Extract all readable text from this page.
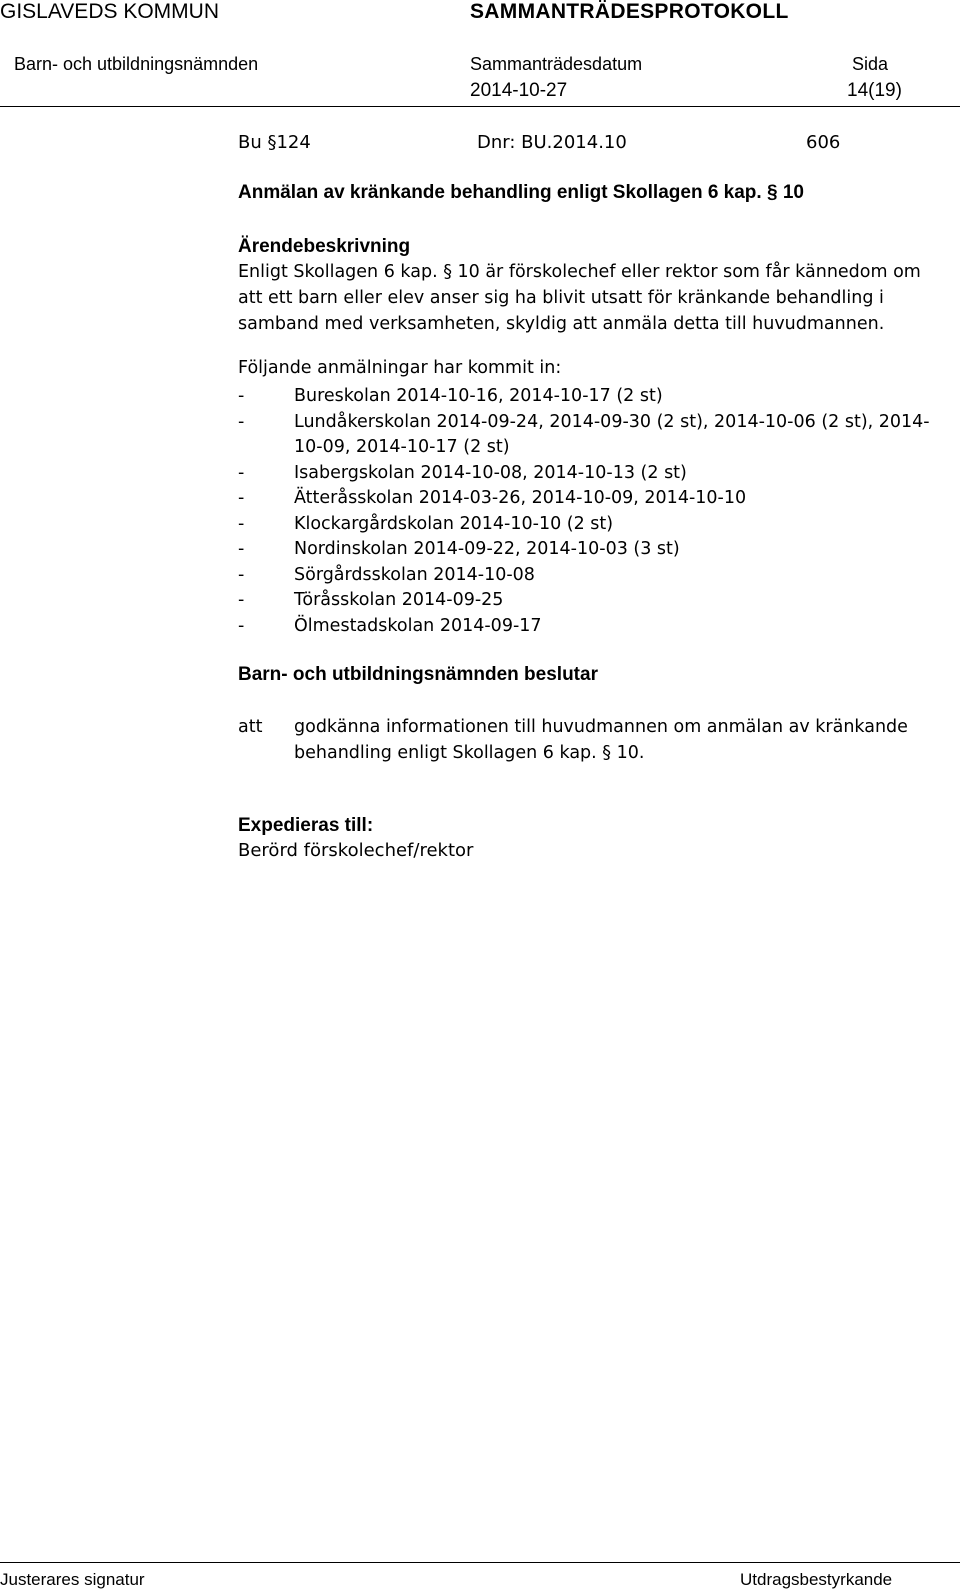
GISLAVEDS KOMMUN	SAMMANTRÄDESPROTOKOLL
Barn- och utbildningsnämnden	Sammanträdesdatum	Sida
2014-10-27	14(19)
Bu §124	Dnr: BU.2014.10	606
Anmälan av kränkande behandling enligt Skollagen 6 kap. § 10
Ärendebeskrivning

Enligt Skollagen 6 kap. § 10 är förskolechef eller rektor som får kännedom om

att ett barn eller elev anser sig ha blivit utsatt för kränkande behandling i

samband med verksamheten, skyldig att anmäla detta till huvudmannen.

Följande anmälningar har kommit in:
-	Bureskolan 2014-10-16, 2014-10-17 (2 st)
-	Lundåkerskolan 2014-09-24, 2014-09-30 (2 st), 2014-10-06 (2 st), 2014-10-09, 2014-10-17 (2 st)
-	Isabergskolan 2014-10-08, 2014-10-13 (2 st)
-	Ätteråsskolan 2014-03-26, 2014-10-09, 2014-10-10
-	Klockargårdskolan 2014-10-10 (2 st)
-	Nordinskolan 2014-09-22, 2014-10-03 (3 st)
-	Sörgårdsskolan 2014-10-08
-	Töråsskolan 2014-09-25
-	Ölmestadskolan 2014-09-17
Barn- och utbildningsnämnden beslutar
att godkänna informationen till huvudmannen om anmälan av kränkande behandling enligt Skollagen 6 kap. § 10.
Expedieras till:
Berörd förskolechef/rektor
Justerares signatur	Utdragsbestyrkande
